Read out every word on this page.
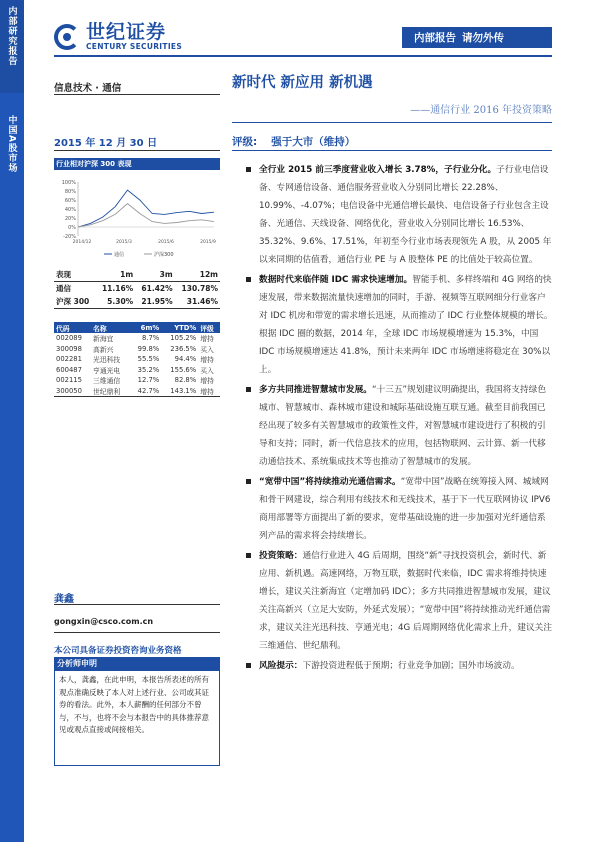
内部研究报告
中国A股市场
世纪证券
CENTURY SECURITIES
内部报告 请勿外传
信息技术 · 通信	新时代 新应用 新机遇
——通信行业 2016 年投资策略
2015 年 12 月 30 日	评级: 强于大市（维持）
行业相对沪深 300 表现
100%
80%
60%
40%
20%
0%
-20%
2014/12	2015/3	2015/6	2015/9
通信	沪深300
表现	1m	3m	12m
通信	11.16%	61.42%	130.78%
沪深 300	5.30%	21.95%	31.46%
代码	名称	6m%	YTD%	评级
002089	新海宜	8.7%	105.2%	增持
300098	高新兴	99.8%	236.5%	买入
002281	光迅科技	55.5%	94.4%	增持
600487	亨通光电	35.2%	155.6%	买入
002115	三维通信	12.7%	82.8%	增持
300050	世纪鼎利	42.7%	143.1%	增持
龚鑫
gongxin@csco.com.cn
本公司具备证券投资咨询业务资格
分析师申明
本人，龚鑫，在此申明，本报告所表述的所有观点准确反映了本人对上述行业、公司或其证券的看法。此外，本人薪酬的任何部分不曾与，不与，也将不会与本报告中的具体推荐意见或观点直接或间接相关。
全行业 2015 前三季度营业收入增长 3.78%，子行业分化。子行业电信设备、专网通信设备、通信服务营业收入分别同比增长 22.28%、10.99%、-4.07%；电信设备中光通信增长最快、电信设备子行业包含主设备、光通信、天线设备、网络优化，营业收入分别同比增长 16.53%、35.32%、9.6%、17.51%，年初至今行业市场表现领先 A 股，从 2005 年以来同期的估值看，通信行业 PE 与 A 股整体 PE 的比值处于较高位置。
数据时代来临伴随 IDC 需求快速增加。智能手机、多样终端和 4G 网络的快速发展，带来数据流量快速增加的同时，手游、视频等互联网细分行业客户对 IDC 机房和带宽的需求增长迅速，从而推动了 IDC 行业整体规模的增长。根据 IDC 圈的数据，2014 年，全球 IDC 市场规模增速为 15.3%，中国 IDC 市场规模增速达 41.8%，预计未来两年 IDC 市场增速将稳定在 30%以上。
多方共同推进智慧城市发展。“十三五”规划建议明确提出，我国将支持绿色城市、智慧城市、森林城市建设和城际基础设施互联互通。截至目前我国已经出现了较多有关智慧城市的政策性文件，对智慧城市建设进行了积极的引导和支持；同时，新一代信息技术的应用，包括物联网、云计算、新一代移动通信技术、系统集成技术等也推动了智慧城市的发展。
“宽带中国”将持续推动光通信需求。“宽带中国”战略在统筹接入网、城域网和骨干网建设，综合利用有线技术和无线技术，基于下一代互联网协议 IPV6 商用部署等方面提出了新的要求，宽带基础设施的进一步加强对光纤通信系列产品的需求将会持续增长。
投资策略：通信行业进入 4G 后周期，围绕“新”寻找投资机会，新时代、新应用、新机遇。高速网络，万物互联，数据时代来临，IDC 需求将维持快速增长，建议关注新海宜（定增加码 IDC）；多方共同推进智慧城市发展，建议关注高新兴（立足大安防，外延式发展）；“宽带中国”将持续推动光纤通信需求，建议关注光迅科技、亨通光电；4G 后周期网络优化需求上升，建议关注三维通信、世纪鼎利。
风险提示：下游投资进程低于预期；行业竞争加剧；国外市场波动。
